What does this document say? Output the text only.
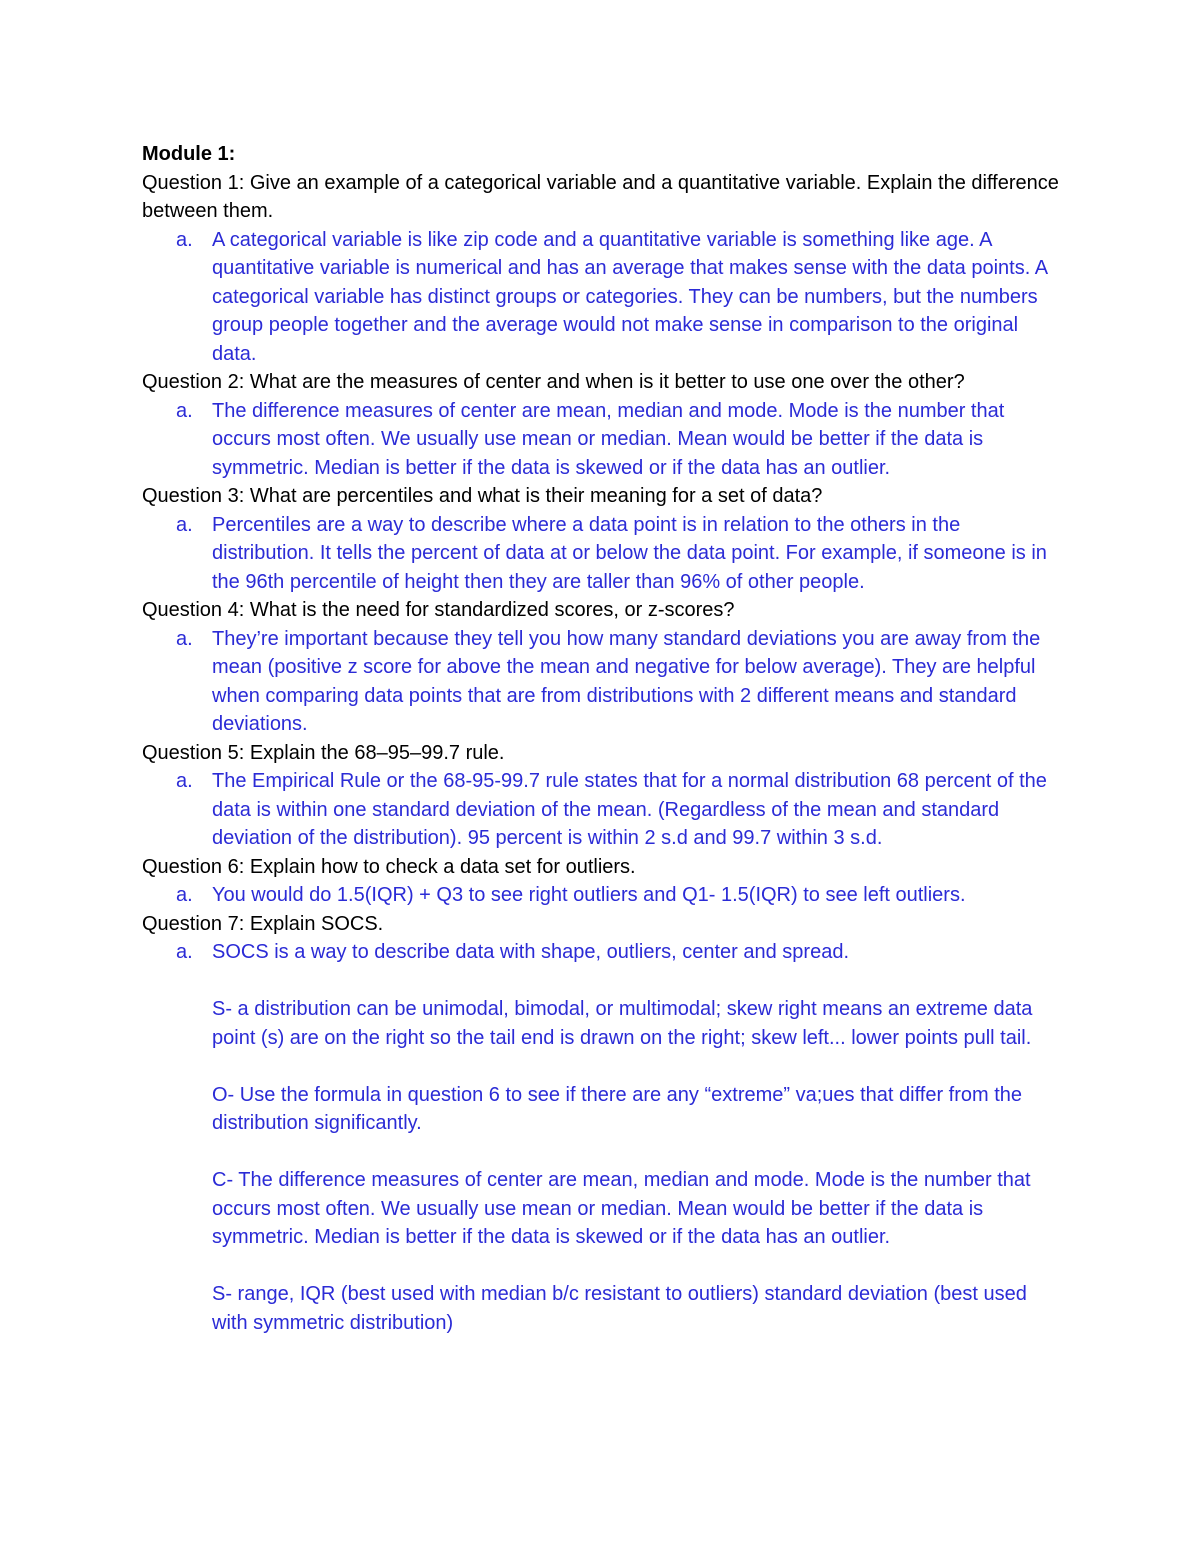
Module 1:

Question 1: Give an example of a categorical variable and a quantitative variable. Explain the difference between them.

a. A categorical variable is like zip code and a quantitative variable is something like age. A quantitative variable is numerical and has an average that makes sense with the data points. A categorical variable has distinct groups or categories. They can be numbers, but the numbers group people together and the average would not make sense in comparison to the original data.

Question 2: What are the measures of center and when is it better to use one over the other?

a. The difference measures of center are mean, median and mode. Mode is the number that occurs most often. We usually use mean or median. Mean would be better if the data is symmetric. Median is better if the data is skewed or if the data has an outlier.

Question 3: What are percentiles and what is their meaning for a set of data?

a. Percentiles are a way to describe where a data point is in relation to the others in the distribution. It tells the percent of data at or below the data point. For example, if someone is in the 96th percentile of height then they are taller than 96% of other people.

Question 4: What is the need for standardized scores, or z-scores?

a. They’re important because they tell you how many standard deviations you are away from the mean (positive z score for above the mean and negative for below average). They are helpful when comparing data points that are from distributions with 2 different means and standard deviations.

Question 5: Explain the 68–95–99.7 rule.

a. The Empirical Rule or the 68-95-99.7 rule states that for a normal distribution 68 percent of the data is within one standard deviation of the mean. (Regardless of the mean and standard deviation of the distribution). 95 percent is within 2 s.d and 99.7 within 3 s.d.

Question 6: Explain how to check a data set for outliers.

a. You would do 1.5(IQR) + Q3 to see right outliers and Q1- 1.5(IQR) to see left outliers.

Question 7: Explain SOCS.

a. SOCS is a way to describe data with shape, outliers, center and spread.

S- a distribution can be unimodal, bimodal, or multimodal; skew right means an extreme data point (s) are on the right so the tail end is drawn on the right; skew left... lower points pull tail.

O- Use the formula in question 6 to see if there are any “extreme” va;ues that differ from the distribution significantly.

C- The difference measures of center are mean, median and mode. Mode is the number that occurs most often. We usually use mean or median. Mean would be better if the data is symmetric. Median is better if the data is skewed or if the data has an outlier.

S- range, IQR (best used with median b/c resistant to outliers) standard deviation (best used with symmetric distribution)
